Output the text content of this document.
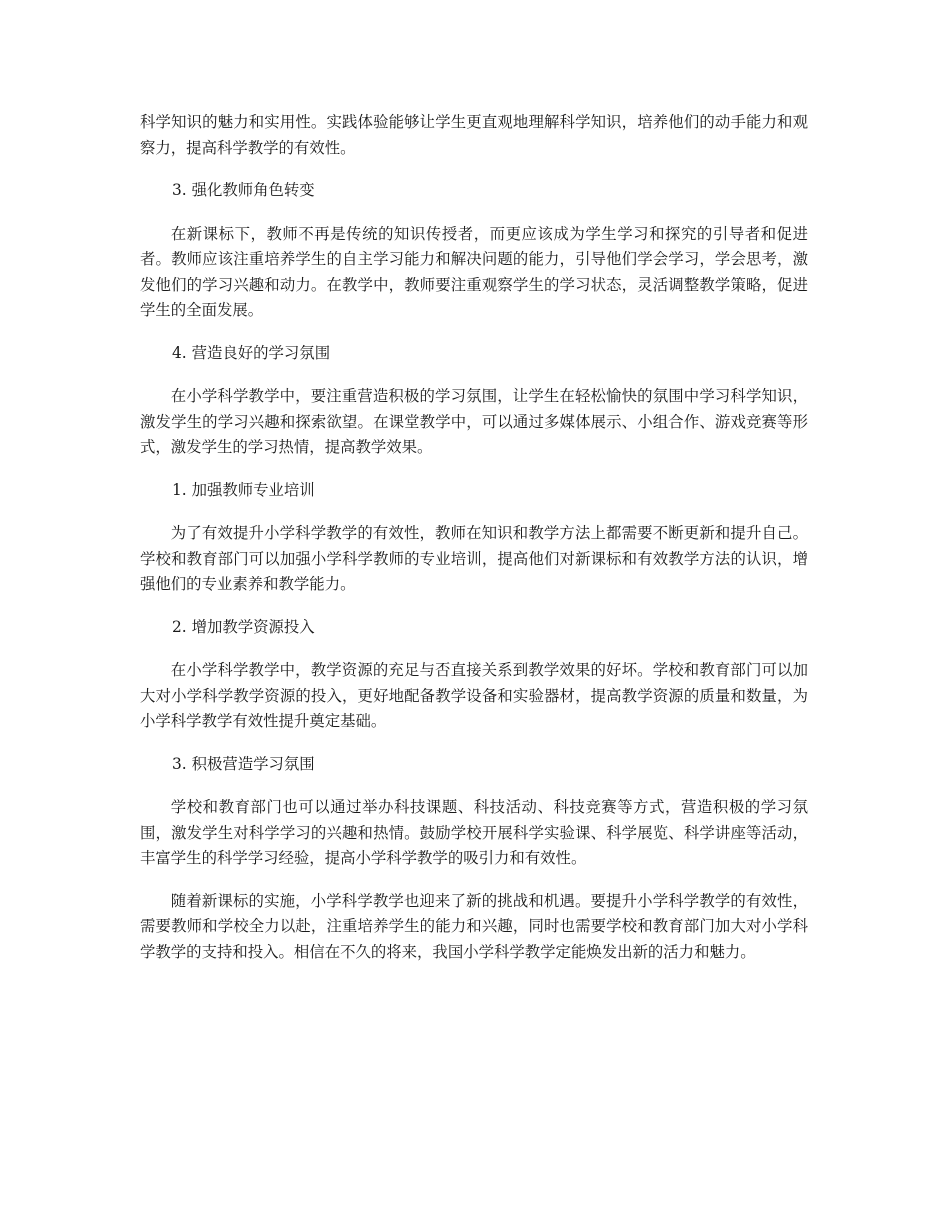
科学知识的魅力和实用性。实践体验能够让学生更直观地理解科学知识，培养他们的动手能力和观察力，提高科学教学的有效性。

3. 强化教师角色转变

在新课标下，教师不再是传统的知识传授者，而更应该成为学生学习和探究的引导者和促进者。教师应该注重培养学生的自主学习能力和解决问题的能力，引导他们学会学习，学会思考，激发他们的学习兴趣和动力。在教学中，教师要注重观察学生的学习状态，灵活调整教学策略，促进学生的全面发展。

4. 营造良好的学习氛围

在小学科学教学中，要注重营造积极的学习氛围，让学生在轻松愉快的氛围中学习科学知识，激发学生的学习兴趣和探索欲望。在课堂教学中，可以通过多媒体展示、小组合作、游戏竞赛等形式，激发学生的学习热情，提高教学效果。

1. 加强教师专业培训

为了有效提升小学科学教学的有效性，教师在知识和教学方法上都需要不断更新和提升自己。学校和教育部门可以加强小学科学教师的专业培训，提高他们对新课标和有效教学方法的认识，增强他们的专业素养和教学能力。

2. 增加教学资源投入

在小学科学教学中，教学资源的充足与否直接关系到教学效果的好坏。学校和教育部门可以加大对小学科学教学资源的投入，更好地配备教学设备和实验器材，提高教学资源的质量和数量，为小学科学教学有效性提升奠定基础。

3. 积极营造学习氛围

学校和教育部门也可以通过举办科技课题、科技活动、科技竞赛等方式，营造积极的学习氛围，激发学生对科学学习的兴趣和热情。鼓励学校开展科学实验课、科学展览、科学讲座等活动，丰富学生的科学学习经验，提高小学科学教学的吸引力和有效性。

随着新课标的实施，小学科学教学也迎来了新的挑战和机遇。要提升小学科学教学的有效性，需要教师和学校全力以赴，注重培养学生的能力和兴趣，同时也需要学校和教育部门加大对小学科学教学的支持和投入。相信在不久的将来，我国小学科学教学定能焕发出新的活力和魅力。
